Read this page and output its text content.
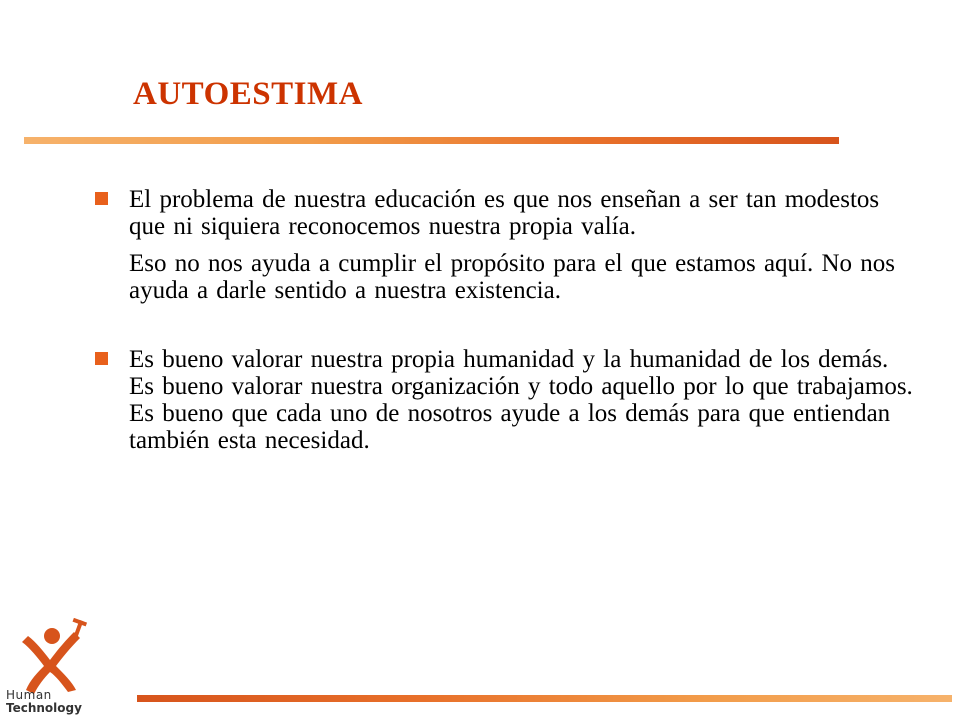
AUTOESTIMA

El problema de nuestra educación es que nos enseñan a ser tan modestos que ni siquiera reconocemos nuestra propia valía.

Eso no nos ayuda a cumplir el propósito para el que estamos aquí. No nos ayuda a darle sentido a nuestra existencia.

Es bueno valorar nuestra propia humanidad y la humanidad de los demás. Es bueno valorar nuestra organización y todo aquello por lo que trabajamos. Es bueno que cada uno de nosotros ayude a los demás para que entiendan también esta necesidad.

Human

Technology
